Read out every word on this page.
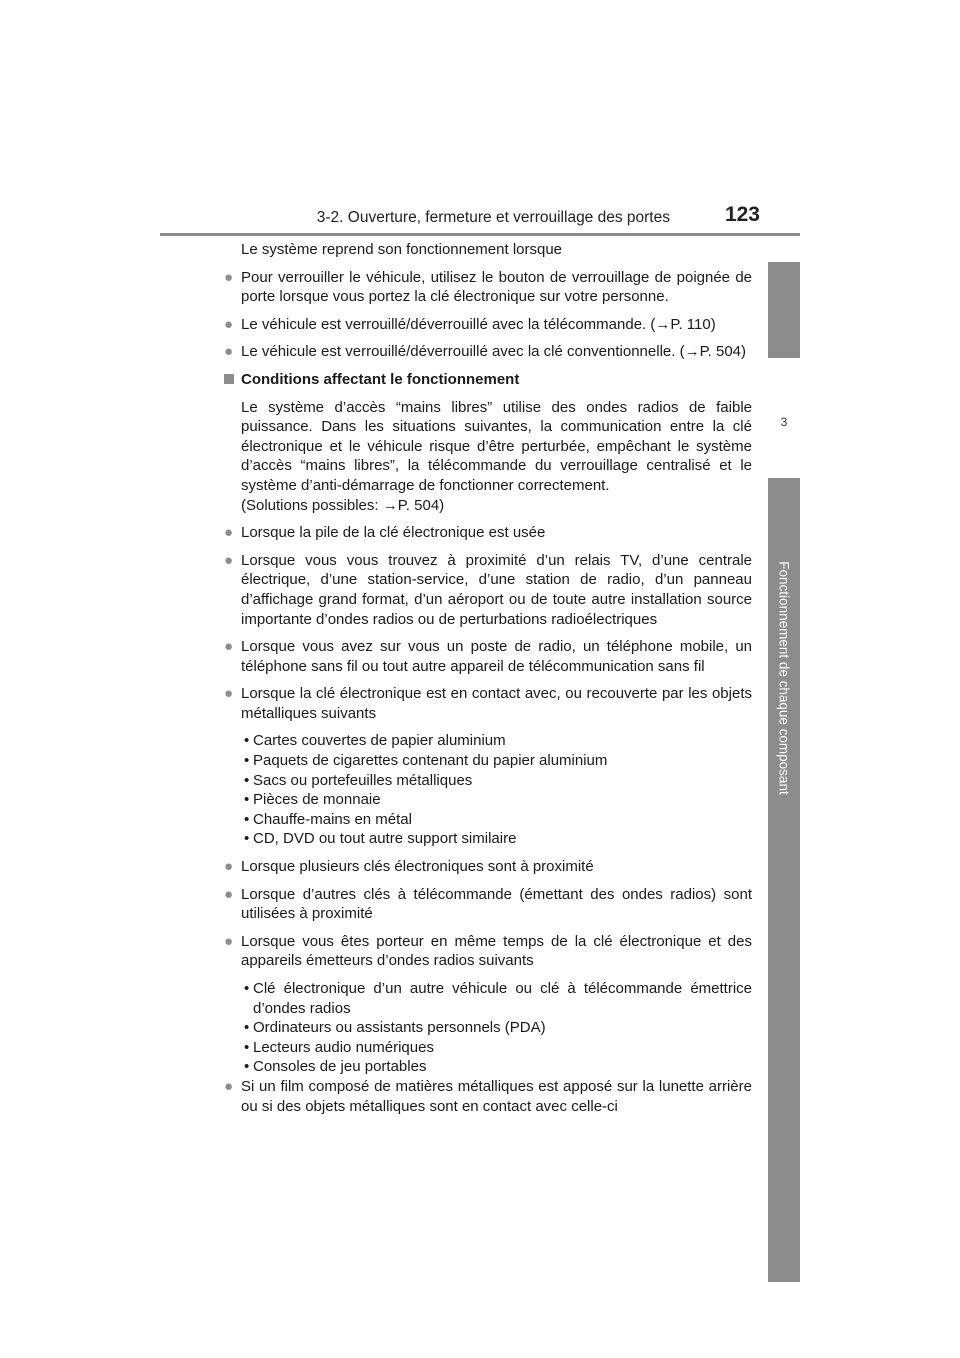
3-2. Ouverture, fermeture et verrouillage des portes	123
3
Fonctionnement de chaque composant

Le système reprend son fonctionnement lorsque

● Pour verrouiller le véhicule, utilisez le bouton de verrouillage de poignée de porte lorsque vous portez la clé électronique sur votre personne.
● Le véhicule est verrouillé/déverrouillé avec la télécommande. (→P. 110)
● Le véhicule est verrouillé/déverrouillé avec la clé conventionnelle. (→P. 504)
Conditions affectant le fonctionnement

Le système d’accès “mains libres” utilise des ondes radios de faible puissance. Dans les situations suivantes, la communication entre la clé électronique et le véhicule risque d’être perturbée, empêchant le système d’accès “mains libres”, la télécommande du verrouillage centralisé et le système d’anti-démarrage de fonctionner correctement.

(Solutions possibles: →P. 504)

● Lorsque la pile de la clé électronique est usée
● Lorsque vous vous trouvez à proximité d’un relais TV, d’une centrale électrique, d’une station-service, d’une station de radio, d’un panneau d’affichage grand format, d’un aéroport ou de toute autre installation source importante d’ondes radios ou de perturbations radioélectriques
● Lorsque vous avez sur vous un poste de radio, un téléphone mobile, un téléphone sans fil ou tout autre appareil de télécommunication sans fil
● Lorsque la clé électronique est en contact avec, ou recouverte par les objets métalliques suivants
• Cartes couvertes de papier aluminium
• Paquets de cigarettes contenant du papier aluminium
• Sacs ou portefeuilles métalliques
• Pièces de monnaie
• Chauffe-mains en métal
• CD, DVD ou tout autre support similaire
● Lorsque plusieurs clés électroniques sont à proximité
● Lorsque d’autres clés à télécommande (émettant des ondes radios) sont utilisées à proximité
● Lorsque vous êtes porteur en même temps de la clé électronique et des appareils émetteurs d’ondes radios suivants
• Clé électronique d’un autre véhicule ou clé à télécommande émettrice d’ondes radios
• Ordinateurs ou assistants personnels (PDA)
• Lecteurs audio numériques
• Consoles de jeu portables
● Si un film composé de matières métalliques est apposé sur la lunette arrière ou si des objets métalliques sont en contact avec celle-ci
